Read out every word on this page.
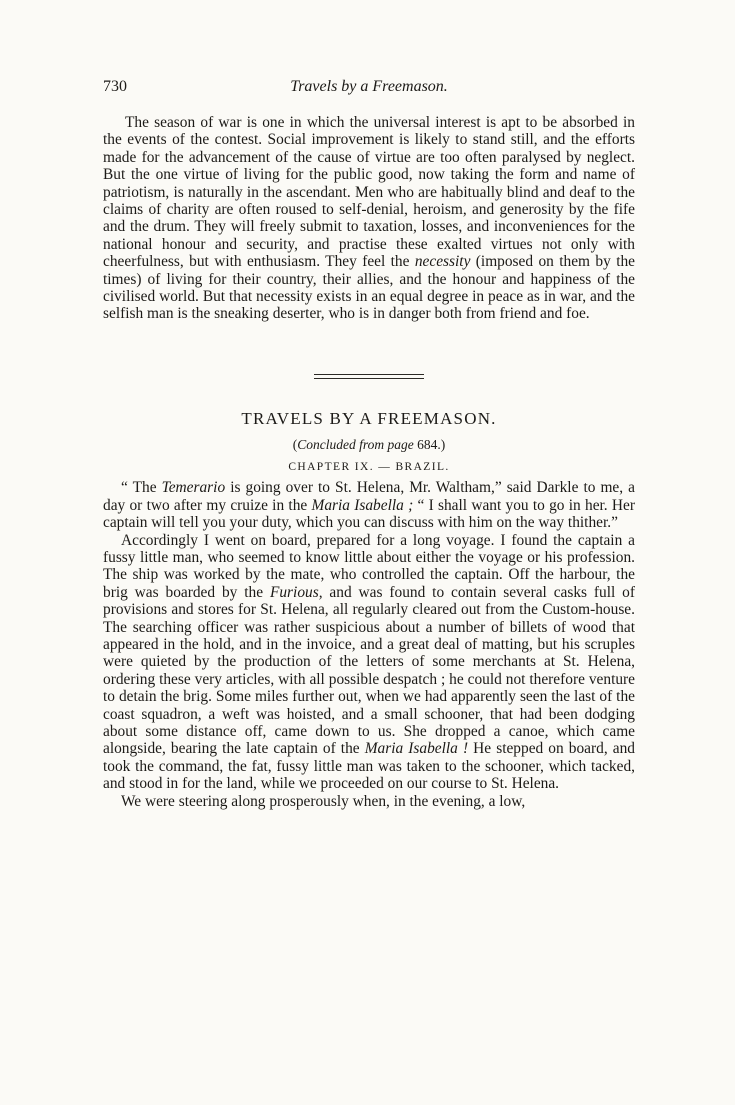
730	Travels by a Freemason.

The season of war is one in which the universal interest is apt to be absorbed in the events of the contest. Social improvement is likely to stand still, and the efforts made for the advancement of the cause of virtue are too often paralysed by neglect. But the one virtue of living for the public good, now taking the form and name of patriotism, is naturally in the ascendant. Men who are habitually blind and deaf to the claims of charity are often roused to self-denial, heroism, and generosity by the fife and the drum. They will freely submit to taxation, losses, and inconveniences for the national honour and security, and practise these exalted virtues not only with cheerfulness, but with enthusiasm. They feel the necessity (imposed on them by the times) of living for their country, their allies, and the honour and happiness of the civilised world. But that necessity exists in an equal degree in peace as in war, and the selfish man is the sneaking deserter, who is in danger both from friend and foe.

TRAVELS BY A FREEMASON.
(Concluded from page 684.)
CHAPTER IX. — BRAZIL.

“ The Temerario is going over to St. Helena, Mr. Waltham,” said Darkle to me, a day or two after my cruize in the Maria Isabella ; “ I shall want you to go in her. Her captain will tell you your duty, which you can discuss with him on the way thither.”

Accordingly I went on board, prepared for a long voyage. I found the captain a fussy little man, who seemed to know little about either the voyage or his profession. The ship was worked by the mate, who controlled the captain. Off the harbour, the brig was boarded by the Furious, and was found to contain several casks full of provisions and stores for St. Helena, all regularly cleared out from the Custom-house. The searching officer was rather suspicious about a number of billets of wood that appeared in the hold, and in the invoice, and a great deal of matting, but his scruples were quieted by the production of the letters of some merchants at St. Helena, ordering these very articles, with all possible despatch ; he could not therefore venture to detain the brig. Some miles further out, when we had apparently seen the last of the coast squadron, a weft was hoisted, and a small schooner, that had been dodging about some distance off, came down to us. She dropped a canoe, which came alongside, bearing the late captain of the Maria Isabella ! He stepped on board, and took the command, the fat, fussy little man was taken to the schooner, which tacked, and stood in for the land, while we proceeded on our course to St. Helena.

We were steering along prosperously when, in the evening, a low,
